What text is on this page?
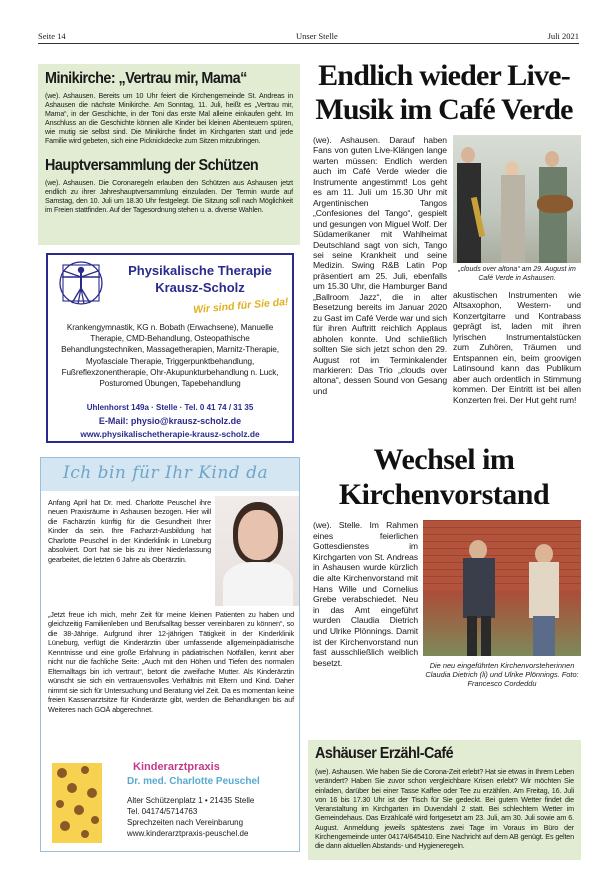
Seite 14	Unser Stelle	Juli 2021
Minikirche: „Vertrau mir, Mama“

(we). Ashausen. Bereits um 10 Uhr feiert die Kirchengemeinde St. Andreas in Ashausen die nächste Minikirche. Am Sonntag, 11. Juli, heißt es „Vertrau mir, Mama“, in der Geschichte, in der Toni das erste Mal alleine einkaufen geht. Im Anschluss an die Geschichte können alle Kinder bei kleinen Abenteuern spüren, wie mutig sie selbst sind. Die Minikirche findet im Kirchgarten statt und jede Familie wird gebeten, sich eine Picknickdecke zum Sitzen mitzubringen.

Hauptversammlung der Schützen

(we). Ashausen. Die Coronaregeln erlauben den Schützen aus Ashausen jetzt endlich zu ihrer Jahreshauptversammlung einzuladen. Der Termin wurde auf Samstag, den 10. Juli um 18.30 Uhr festgelegt. Die Sitzung soll nach Möglichkeit im Freien stattfinden. Auf der Tagesordnung stehen u. a. diverse Wahlen.

Physikalische Therapie
Krausz-Scholz
Wir sind für Sie da!
Krankengymnastik, KG n. Bobath (Erwachsene), Manuelle Therapie, CMD-Behandlung, Osteopathische Behandlungstechniken, Massagetherapien, Marnitz-Therapie, Myofasciale Therapie, Triggerpunktbehandlung, Fußreflexzonentherapie, Ohr-Akupunkturbehandlung n. Luck, Posturomed Übungen, Tapebehandlung
Uhlenhorst 149a · Stelle · Tel. 0 41 74 / 31 35
E-Mail: physio@krausz-scholz.de
www.physikalischetherapie-krausz-scholz.de
Ich bin für Ihr Kind da
Anfang April hat Dr. med. Charlotte Peuschel ihre neuen Praxisräume in Ashausen bezogen. Hier will die Fachärztin künftig für die Gesundheit Ihrer Kinder da sein. Ihre Facharzt-Ausbildung hat Charlotte Peuschel in der Kinderklinik in Lüneburg absolviert. Dort hat sie bis zu ihrer Niederlassung gearbeitet, die letzten 6 Jahre als Oberärztin.
„Jetzt freue ich mich, mehr Zeit für meine kleinen Patienten zu haben und gleichzeitig Familienleben und Berufsalltag besser vereinbaren zu können“, so die 38-Jährige. Aufgrund ihrer 12-jährigen Tätigkeit in der Kinderklinik Lüneburg, verfügt die Kinderärztin über umfassende allgemeinpädiatrische Kenntnisse und eine große Erfahrung in pädiatrischen Notfällen, kennt aber nicht nur die fachliche Seite: „Auch mit den Höhen und Tiefen des normalen Elternalltags bin ich vertraut“, betont die zweifache Mutter. Als Kinderärztin wünscht sie sich ein vertrauensvolles Verhältnis mit Eltern und Kind. Daher nimmt sie sich für Untersuchung und Beratung viel Zeit. Da es momentan keine freien Kassenarztsitze für Kinderärzte gibt, werden die Behandlungen bis auf Weiteres nach GOÄ abgerechnet.
Kinderarztpraxis
Dr. med. Charlotte Peuschel
Alter Schützenplatz 1 • 21435 Stelle
Tel. 04174/5714763
Sprechzeiten nach Vereinbarung
www.kinderarztpraxis-peuschel.de
Endlich wieder Live-
Musik im Café Verde
(we). Ashausen. Darauf haben Fans von guten Live-Klängen lange warten müssen: Endlich werden auch im Café Verde wieder die Instrumente angestimmt! Los geht es am 11. Juli um 15.30 Uhr mit Argentinischen Tangos „Confesiones del Tango“, gespielt und gesungen von Miguel Wolf. Der Südamerikaner mit Wahlheimat Deutschland sagt von sich, Tango sei seine Krankheit und seine Medizin. Swing R&B Latin Pop präsentiert am 25. Juli, ebenfalls um 15.30 Uhr, die Hamburger Band „Ballroom Jazz“, die in alter Besetzung bereits im Januar 2020 zu Gast im Café Verde war und sich für ihren Auftritt reichlich Applaus abholen konnte. Und schließlich sollten Sie sich jetzt schon den 29. August rot im Terminkalender markieren: Das Trio „clouds over altona“, dessen Sound von Gesang und
„clouds over altona“ am 29. August im Café Verde in Ashausen.
akustischen Instrumenten wie Altsaxophon, Western- und Konzertgitarre und Kontrabass geprägt ist, laden mit ihren lyrischen Instrumentalstücken zum Zuhören, Träumen und Entspannen ein, beim groovigen Latinsound kann das Publikum aber auch ordentlich in Stimmung kommen. Der Eintritt ist bei allen Konzerten frei. Der Hut geht rum!
Wechsel im
Kirchenvorstand
(we). Stelle. Im Rahmen eines feierlichen Gottesdienstes im Kirchgarten von St. Andreas in Ashausen wurde kürzlich die alte Kirchenvorstand mit Hans Wille und Cornelius Grebe verabschiedet. Neu in das Amt eingeführt wurden Claudia Dietrich und Ulrike Plönnings. Damit ist der Kirchenvorstand nun fast ausschließlich weiblich besetzt.	Die neu eingeführten Kirchenvorsteherinnen Claudia Dietrich (li) und Ulrike Plönnings. Foto: Francesco Cordeddu
Ashäuser Erzähl-Café

(we). Ashausen. Wie haben Sie die Corona-Zeit erlebt? Hat sie etwas in Ihrem Leben verändert? Haben Sie zuvor schon vergleichbare Krisen erlebt? Wir möchten Sie einladen, darüber bei einer Tasse Kaffee oder Tee zu erzählen. Am Freitag, 16. Juli von 16 bis 17.30 Uhr ist der Tisch für Sie gedeckt. Bei gutem Wetter findet die Veranstaltung im Kirchgarten im Duvendahl 2 statt. Bei schlechtem Wetter im Gemeindehaus. Das Erzählcafé wird fortgesetzt am 23. Juli, am 30. Juli sowie am 6. August. Anmeldung jeweils spätestens zwei Tage im Voraus im Büro der Kirchengemeinde unter 04174/645410. Eine Nachricht auf dem AB genügt. Es gelten die dann aktuellen Abstands- und Hygieneregeln.
